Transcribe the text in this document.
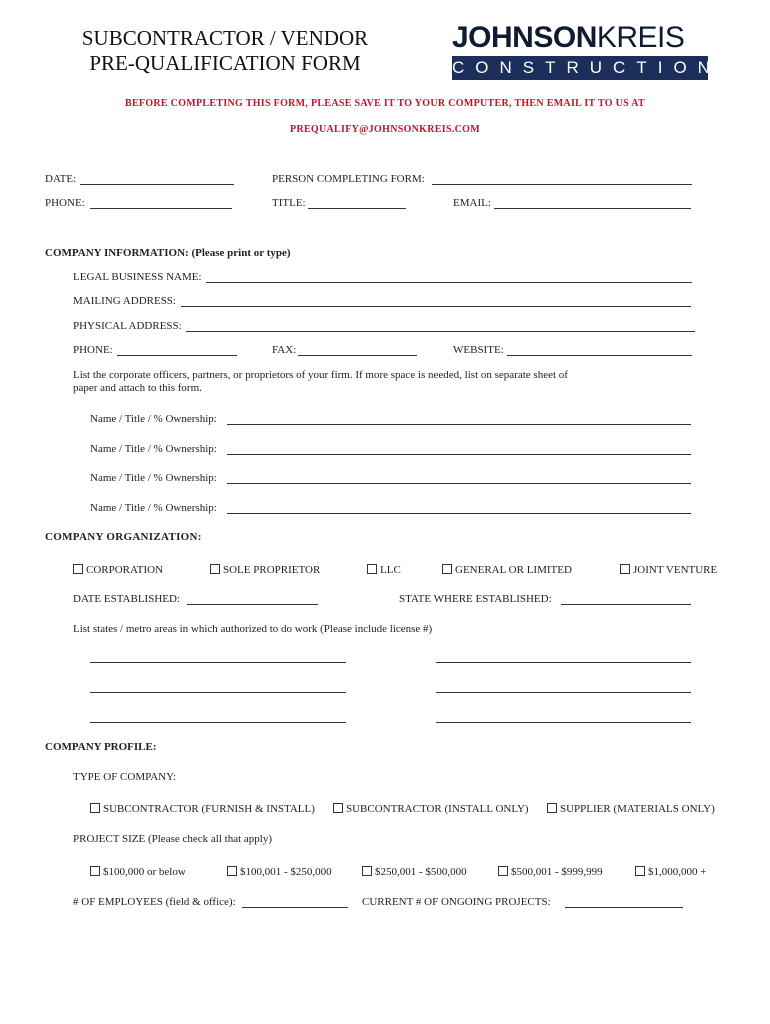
SUBCONTRACTOR / VENDOR
PRE-QUALIFICATION FORM
JOHNSONKREIS
CONSTRUCTION
BEFORE COMPLETING THIS FORM, PLEASE SAVE IT TO YOUR COMPUTER, THEN EMAIL IT TO US AT
PREQUALIFY@JOHNSONKREIS.COM
DATE:	PERSON COMPLETING FORM:
PHONE:	TITLE:	EMAIL:
COMPANY INFORMATION: (Please print or type)
LEGAL BUSINESS NAME:
MAILING ADDRESS:
PHYSICAL ADDRESS:
PHONE:	FAX:	WEBSITE:
List the corporate officers, partners, or proprietors of your firm. If more space is needed, list on separate sheet of
paper and attach to this form.
Name / Title / % Ownership:
Name / Title / % Ownership:
Name / Title / % Ownership:
Name / Title / % Ownership:
COMPANY ORGANIZATION:
CORPORATION	SOLE PROPRIETOR	LLC	GENERAL OR LIMITED	JOINT VENTURE
DATE ESTABLISHED:	STATE WHERE ESTABLISHED:
List states / metro areas in which authorized to do work (Please include license #)
COMPANY PROFILE:
TYPE OF COMPANY:
SUBCONTRACTOR (FURNISH & INSTALL)	SUBCONTRACTOR (INSTALL ONLY)	SUPPLIER (MATERIALS ONLY)
PROJECT SIZE (Please check all that apply)
$100,000 or below	$100,001 - $250,000	$250,001 - $500,000	$500,001 - $999,999	$1,000,000 +
# OF EMPLOYEES (field & office):	CURRENT # OF ONGOING PROJECTS:
